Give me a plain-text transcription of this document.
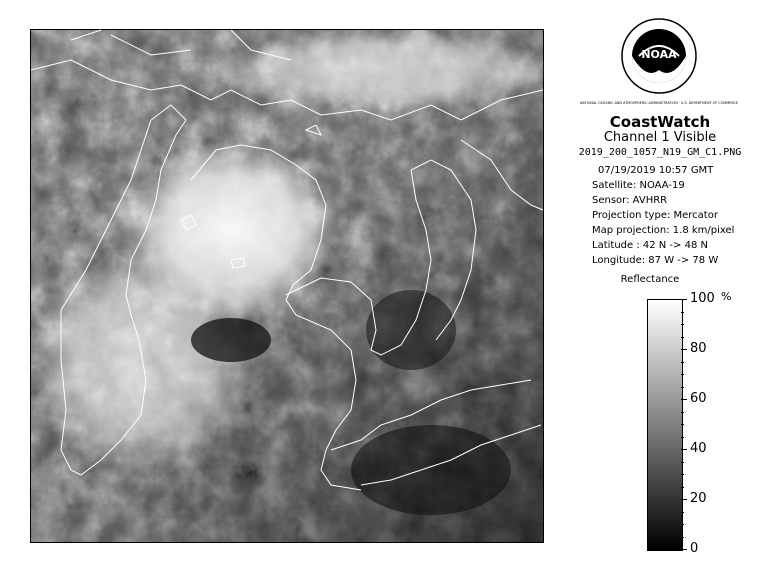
NOAA
NATIONAL OCEANIC AND ATMOSPHERIC ADMINISTRATION · U.S. DEPARTMENT OF COMMERCE
CoastWatch
Channel 1 Visible
2019_200_1057_N19_GM_C1.PNG
07/19/2019 10:57 GMT
Satellite: NOAA-19
Sensor: AVHRR
Projection type: Mercator
Map projection: 1.8 km/pixel
Latitude : 42 N -> 48 N
Longitude: 87 W -> 78 W
Reflectance
%
100
80
60
40
20
0
